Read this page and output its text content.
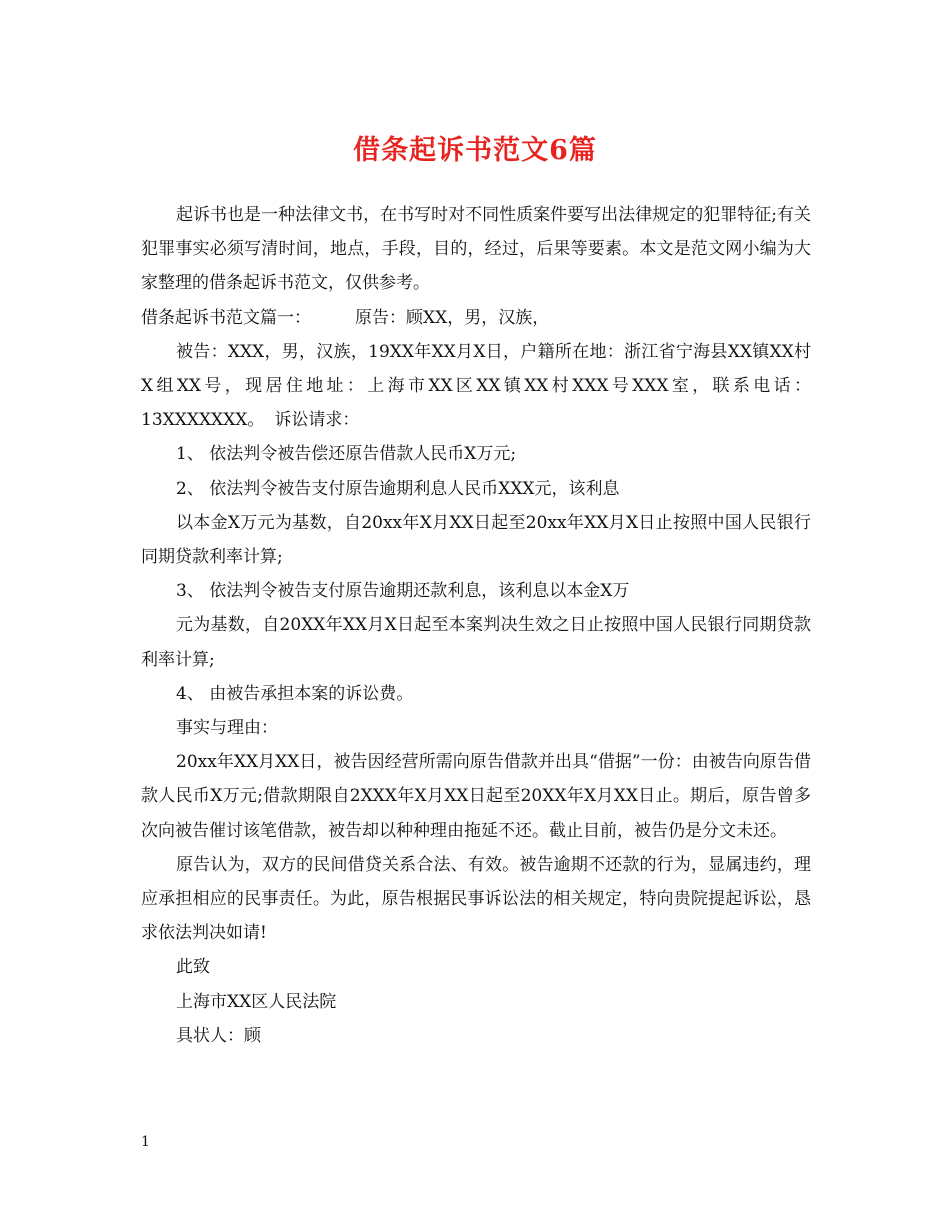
借条起诉书范文6篇

起诉书也是一种法律文书，在书写时对不同性质案件要写出法律规定的犯罪特征;有关犯罪事实必须写清时间，地点，手段，目的，经过，后果等要素。本文是范文网小编为大家整理的借条起诉书范文，仅供参考。

借条起诉书范文篇一：	原告：顾XX，男，汉族，

被告：XXX，男，汉族，19XX年XX月X日，户籍所在地：浙江省宁海县XX镇XX村X组XX号，现居住地址：上海市XX区XX镇XX村XXX号XXX室，联系电话：13XXXXXXX。 诉讼请求：

1、 依法判令被告偿还原告借款人民币X万元;

2、 依法判令被告支付原告逾期利息人民币XXX元，该利息

以本金X万元为基数，自20xx年X月XX日起至20xx年XX月X日止按照中国人民银行同期贷款利率计算;

3、 依法判令被告支付原告逾期还款利息，该利息以本金X万

元为基数，自20XX年XX月X日起至本案判决生效之日止按照中国人民银行同期贷款利率计算;

4、 由被告承担本案的诉讼费。

事实与理由：

20xx年XX月XX日，被告因经营所需向原告借款并出具“借据”一份：由被告向原告借款人民币X万元;借款期限自2XXX年X月XX日起至20XX年X月XX日止。期后，原告曾多次向被告催讨该笔借款，被告却以种种理由拖延不还。截止目前，被告仍是分文未还。

原告认为，双方的民间借贷关系合法、有效。被告逾期不还款的行为，显属违约，理应承担相应的民事责任。为此，原告根据民事诉讼法的相关规定，特向贵院提起诉讼，恳求依法判决如请!

此致

上海市XX区人民法院

具状人：顾

1
